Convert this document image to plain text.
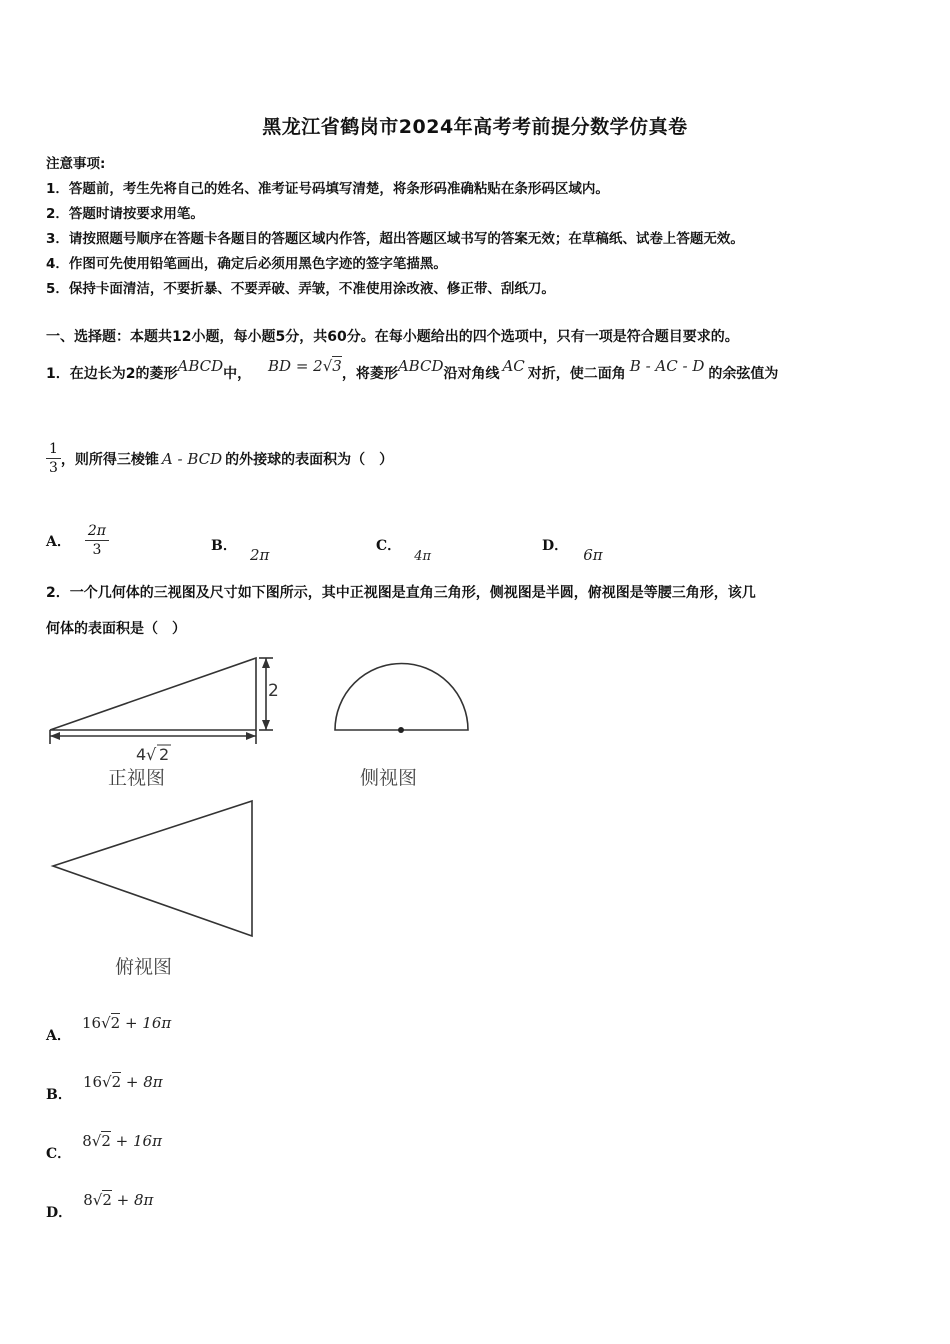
黑龙江省鹤岗市2024年高考考前提分数学仿真卷
注意事项:
1．答题前，考生先将自己的姓名、准考证号码填写清楚，将条形码准确粘贴在条形码区域内。
2．答题时请按要求用笔。
3．请按照题号顺序在答题卡各题目的答题区域内作答，超出答题区域书写的答案无效；在草稿纸、试卷上答题无效。
4．作图可先使用铅笔画出，确定后必须用黑色字迹的签字笔描黑。
5．保持卡面清洁，不要折暴、不要弄破、弄皱，不准使用涂改液、修正带、刮纸刀。
一、选择题：本题共12小题，每小题5分，共60分。在每小题给出的四个选项中，只有一项是符合题目要求的。
1．在边长为2的菱形ABCD中， BD = 2√3，将菱形ABCD沿对角线 AC 对折，使二面角 B - AC - D 的余弦值为
$\frac{1}{3}$ ，则所得三棱锥 A - BCD 的外接球的表面积为（　）
A． $\frac{2\pi}{3}$	B． 2π	C． $_{4\pi}$
D． 6π
2．一个几何体的三视图及尺寸如下图所示，其中正视图是直角三角形，侧视图是半圆，俯视图是等腰三角形，该几
何体的表面积是（　）
2
4 √ 2
正视图	侧视图
俯视图
A． 16√2 + 16π
B． 16√2 + 8π
C． 8√2 + 16π
D． 8√2 + 8π
